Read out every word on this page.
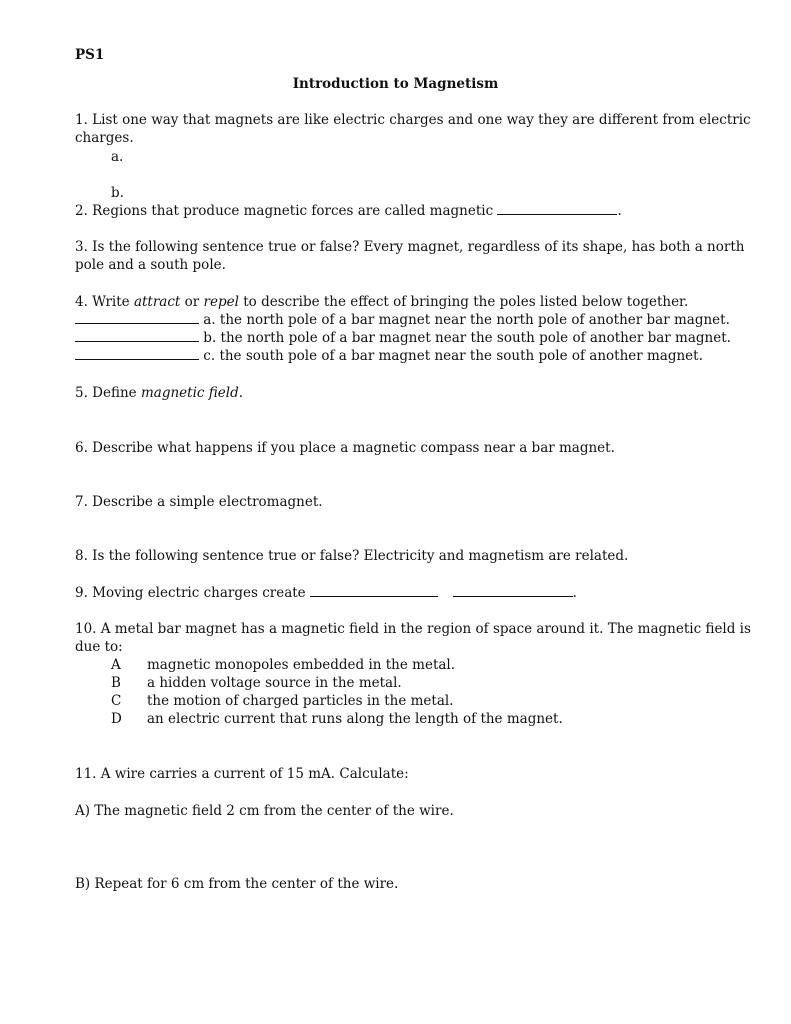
PS1
Introduction to Magnetism
1. List one way that magnets are like electric charges and one way they are different from electric
charges.
a.
b.
2. Regions that produce magnetic forces are called magnetic	.
3. Is the following sentence true or false? Every magnet, regardless of its shape, has both a north
pole and a south pole.
4. Write attract or repel to describe the effect of bringing the poles listed below together.
a. the north pole of a bar magnet near the north pole of another bar magnet.
b. the north pole of a bar magnet near the south pole of another bar magnet.
c. the south pole of a bar magnet near the south pole of another magnet.
5. Define magnetic field.
6. Describe what happens if you place a magnetic compass near a bar magnet.
7. Describe a simple electromagnet.
8. Is the following sentence true or false? Electricity and magnetism are related.
9. Moving electric charges create	.
10. A metal bar magnet has a magnetic field in the region of space around it. The magnetic field is
due to:
A magnetic monopoles embedded in the metal.
B a hidden voltage source in the metal.
C the motion of charged particles in the metal.
D an electric current that runs along the length of the magnet.
11. A wire carries a current of 15 mA. Calculate:
A) The magnetic field 2 cm from the center of the wire.
B) Repeat for 6 cm from the center of the wire.
